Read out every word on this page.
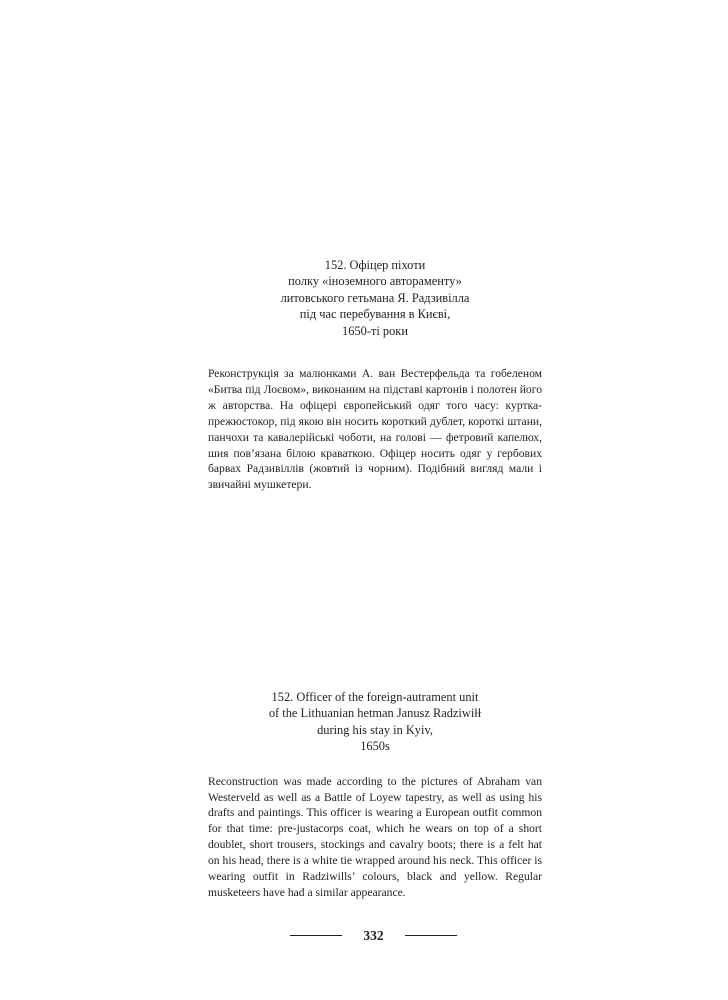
152. Офіцер піхоти
полку «іноземного автораменту»
литовського гетьмана Я. Радзивілла
під час перебування в Києві,
1650-ті роки

Реконструкція за малюнками А. ван Вестерфельда та гобеленом «Битва під Лоєвом», виконаним на підставі картонів і полотен його ж авторства. На офіцері європейський одяг того часу: куртка-прежюстокор, під якою він носить короткий дублет, короткі штани, панчохи та кавалерійські чоботи, на голові — фетровий капелюх, шия пов’язана білою краваткою. Офіцер носить одяг у гербових барвах Радзивіллів (жовтий із чорним). Подібний вигляд мали і звичайні мушкетери.

152. Officer of the foreign-autrament unit
of the Lithuanian hetman Janusz Radziwiłł
during his stay in Kyiv,
1650s

Reconstruction was made according to the pictures of Abraham van Westerveld as well as a Battle of Loyew tapestry, as well as using his drafts and paintings. This officer is wearing a European outfit common for that time: pre-justacorps coat, which he wears on top of a short doublet, short trousers, stockings and cavalry boots; there is a felt hat on his head, there is a white tie wrapped around his neck. This officer is wearing outfit in Radziwills’ colours, black and yellow. Regular musketeers have had a similar appearance.

332
